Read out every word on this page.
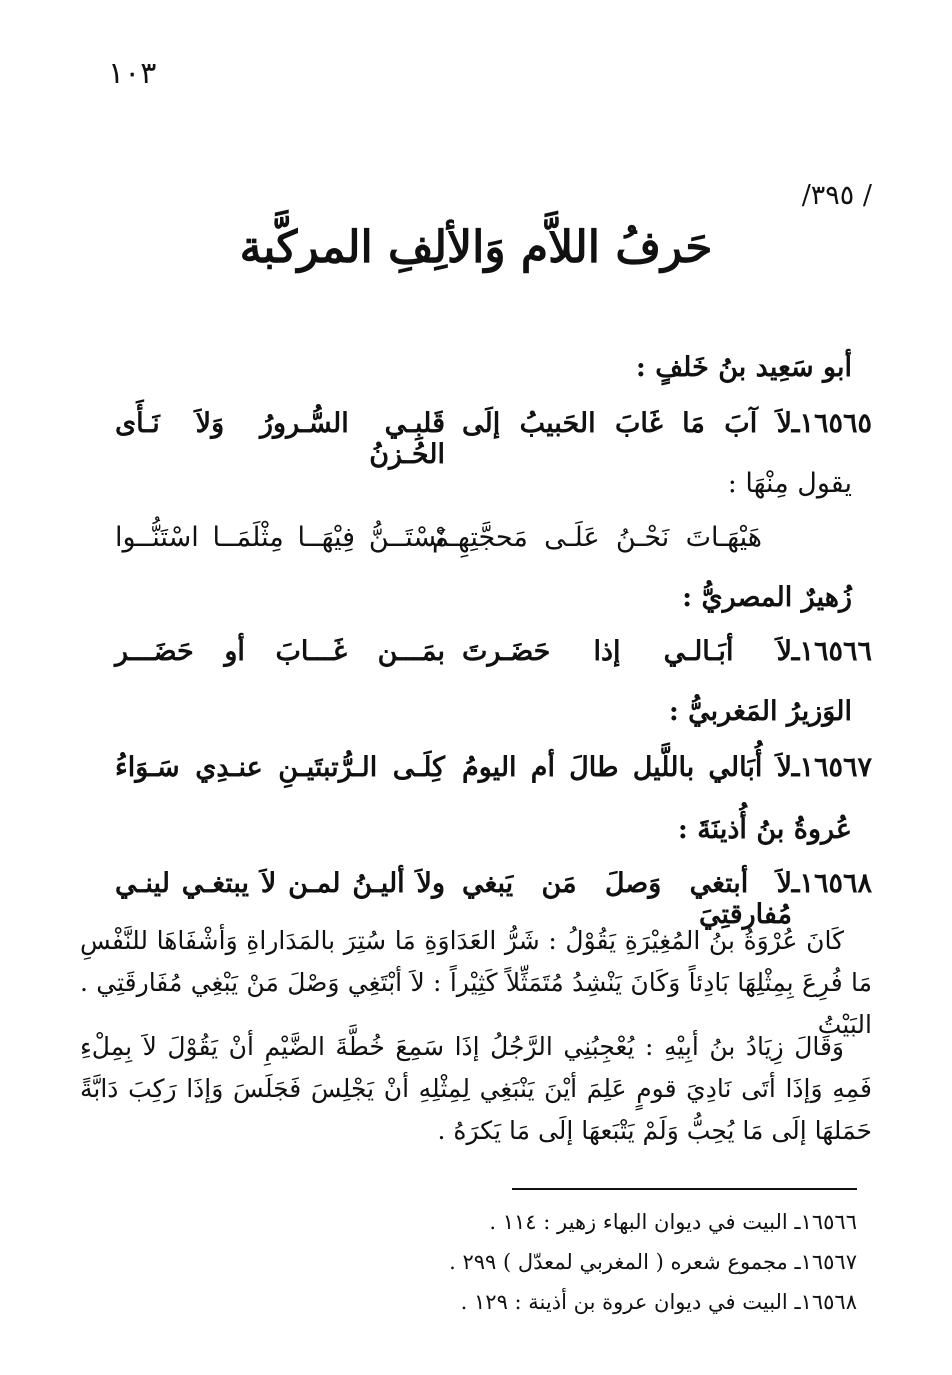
١٠٣
/ ٣٩٥/
حَرفُ اللاَّم وَالألِفِ المركَّبة
أبو سَعِيد بنُ خَلفٍ :
١٦٥٦٥ـ
لاَ آبَ مَا غَابَ الحَبيبُ إلَى
قَلبِـي السُّـرورُ وَلاَ نَـأَى الحُـزنُ
يقول مِنْهَا :
هَيْهَـاتَ نَحْـنُ عَلَـى مَحجَّتِهِـمْ
نَسْتَــنُّ فِيْهَــا مِثْلَمَــا اسْتَنُّــوا
زُهيرٌ المصريُّ :
١٦٥٦٦ـ
لاَ أبَـالـي إذا حَضَـرتَ
بمَـــن غَـــابَ أو حَضَـــر
الوَزيرُ المَغربيُّ :
١٦٥٦٧ـ
لاَ أُبَالي باللَّيل طالَ أم اليومُ
كِلَـى الـرُّتبتَيـنِ عنـدِي سَـوَاءُ
عُروةُ بنُ أُذينَةَ :
١٦٥٦٨ـ
لاَ أبتغي وَصلَ مَن يَبغي مُفارقتِيَ
ولاَ أليـنُ لمـن لاَ يبتغـي لينـي
كَانَ عُرْوَةُ بنُ المُغِيْرَةِ يَقُوْلُ : شَرُّ العَدَاوَةِ مَا سُتِرَ بالمَدَاراةِ وَأشْفَاهَا للنَّفْسِ مَا فُرِعَ بِمِثْلِهَا بَادِئاً وَكَانَ يَنْشِدُ مُتَمَثِّلاً كَثِيْراً : لاَ أبْتَغِي وَصْلَ مَنْ يَبْغِي مُفَارقَتِي . البَيْتُ
وَقَالَ زِيَادُ بنُ أبِيْهِ : يُعْجِبُنِي الرَّجُلُ إذَا سَمِعَ خُطَّةَ الضَّيْمِ أنْ يَقُوْلَ لاَ بِمِلْءِ فَمِهِ وَإذَا أتَى نَادِيَ قومٍ عَلِمَ أيْنَ يَنْبَغِي لِمِثْلِهِ أنْ يَجْلِسَ فَجَلَسَ وَإذَا رَكِبَ دَابَّةً حَمَلهَا إلَى مَا يُحِبُّ وَلَمْ يَتْبَعهَا إلَى مَا يَكرَهُ .
١٦٥٦٦ـ البيت في ديوان البهاء زهير : ١١٤ .
١٦٥٦٧ـ مجموع شعره ( المغربي لمعدّل ) ٢٩٩ .
١٦٥٦٨ـ البيت في ديوان عروة بن أذينة : ١٢٩ .
